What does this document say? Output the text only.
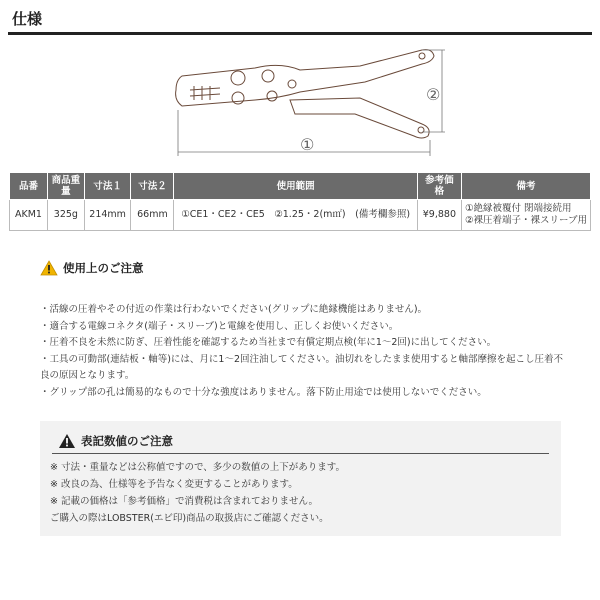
仕様
①
②
品番	商品重量	寸法１	寸法２	使用範囲	参考価格	備考
AKM1	325g	214mm	66mm	①CE1・CE2・CE5　②1.25・2(m㎡)　(備考欄参照)	¥9,880	①絶縁被覆付 閉端接続用
②裸圧着端子・裸スリーブ用
使用上のご注意
・活線の圧着やその付近の作業は行わないでください(グリップに絶縁機能はありません)。
・適合する電線コネクタ(端子・スリーブ)と電線を使用し、正しくお使いください。
・圧着不良を未然に防ぎ、圧着性能を確認するため当社まで有償定期点検(年に1〜2回)に出してください。
・工具の可動部(連結板・軸等)には、月に1〜2回注油してください。油切れをしたまま使用すると軸部摩擦を起こし圧着不良の原因となります。
・グリップ部の孔は簡易的なもので十分な強度はありません。落下防止用途では使用しないでください。
表記数値のご注意
※ 寸法・重量などは公称値ですので、多少の数値の上下があります。
※ 改良の為、仕様等を予告なく変更することがあります。
※ 記載の価格は「参考価格」で消費税は含まれておりません。
ご購入の際はLOBSTER(エビ印)商品の取扱店にご確認ください。
